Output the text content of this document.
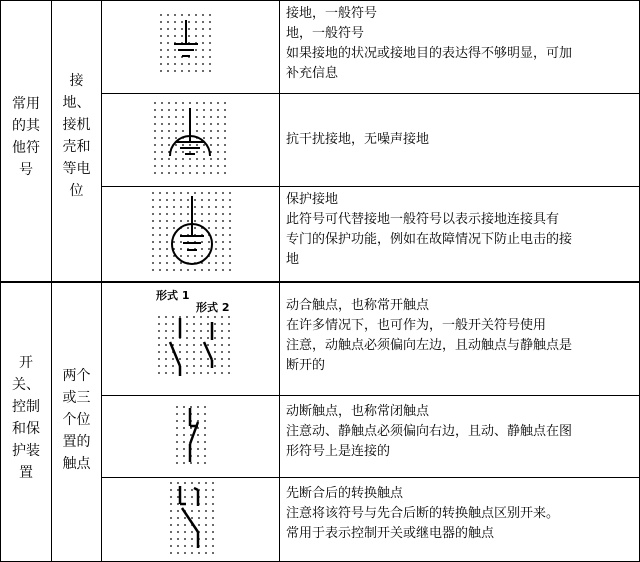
常用
的其
他符
号
接
地、
接机
壳和
等电
位
开
关、
控制
和保
护装
置
两个
或三
个位
置的
触点
接地，一般符号
地，一般符号
如果接地的状况或接地目的表达得不够明显，可加
补充信息
抗干扰接地，无噪声接地
保护接地
此符号可代替接地一般符号以表示接地连接具有
专门的保护功能，例如在故障情况下防止电击的接
地
动合触点，也称常开触点
在许多情况下，也可作为，一般开关符号使用
注意，动触点必须偏向左边，且动触点与静触点是
断开的
动断触点，也称常闭触点
注意动、静触点必须偏向右边，且动、静触点在图
形符号上是连接的
先断合后的转换触点
注意将该符号与先合后断的转换触点区别开来。
常用于表示控制开关或继电器的触点
形式 1
形式 2
